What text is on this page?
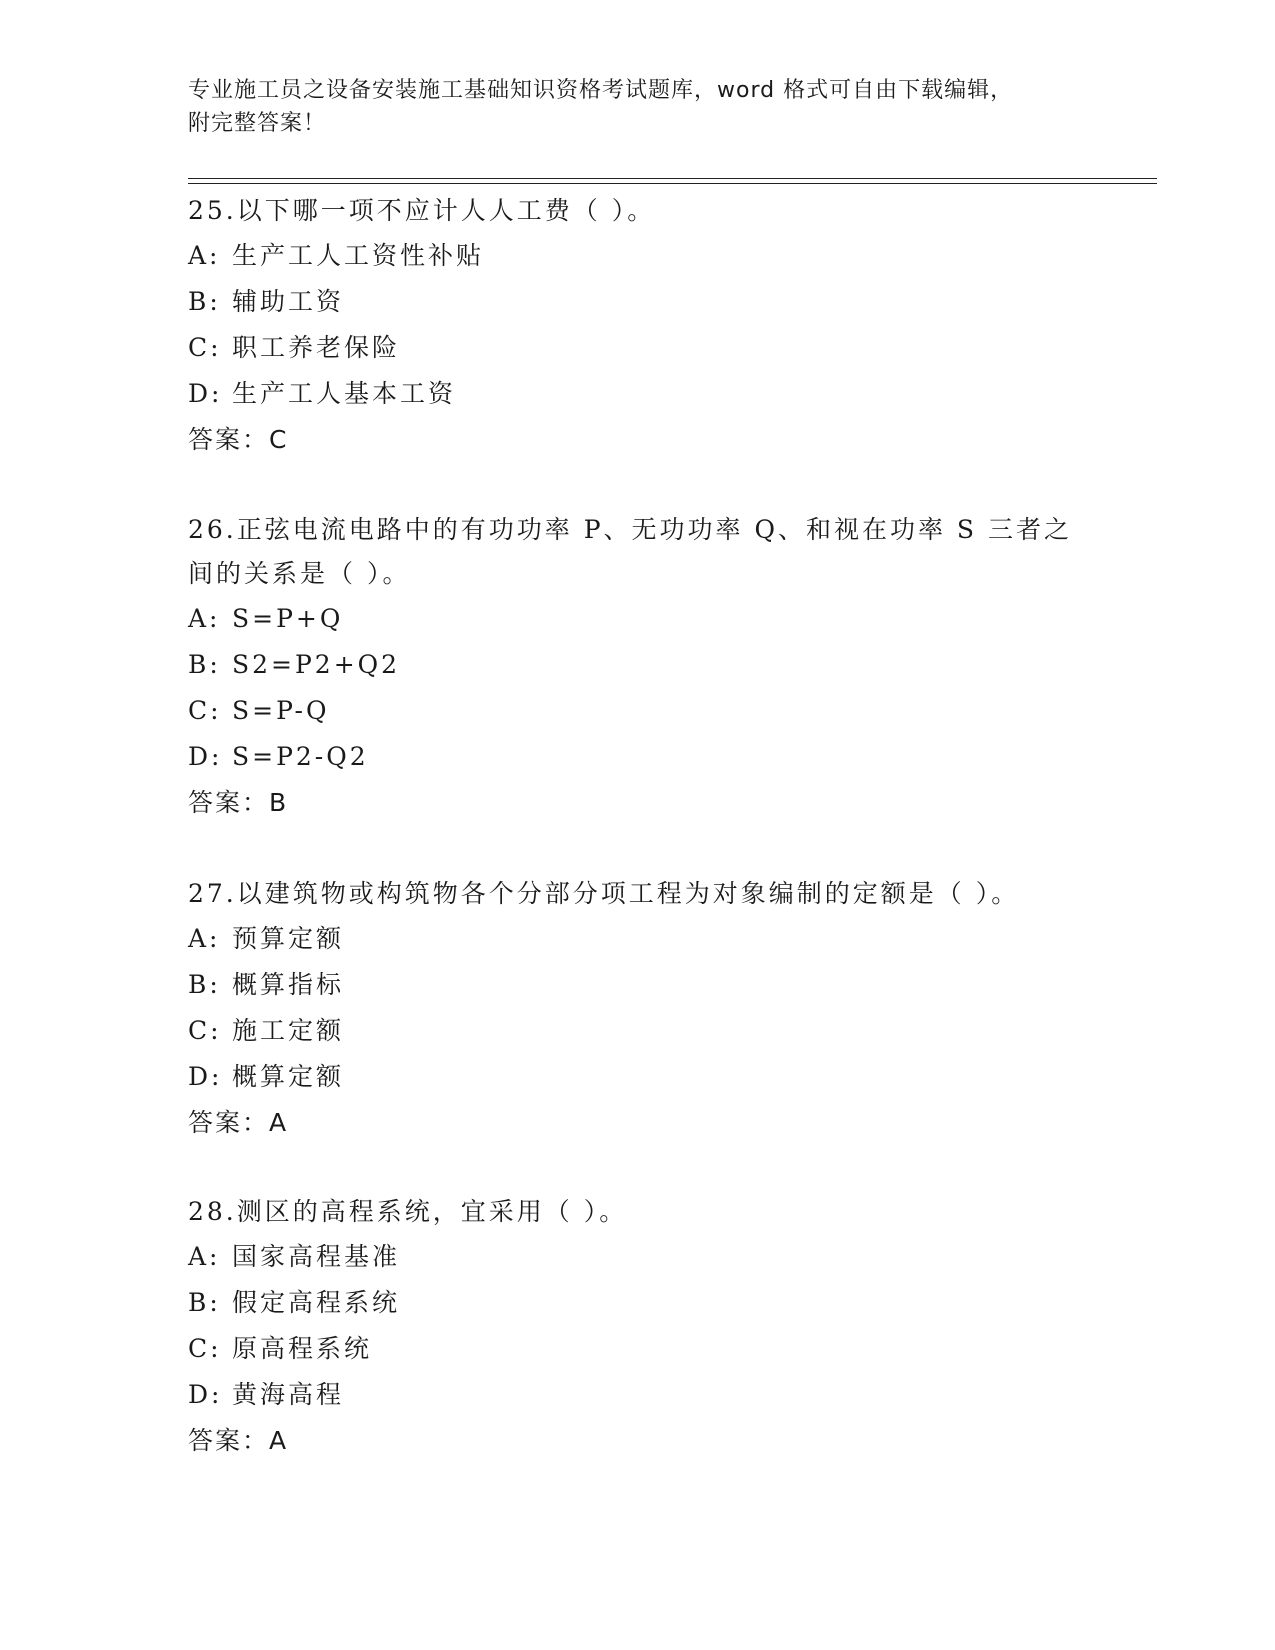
专业施工员之设备安装施工基础知识资格考试题库，word 格式可自由下载编辑，
附完整答案！
25.以下哪一项不应计人人工费（ ）。
A: 生产工人工资性补贴
B: 辅助工资
C: 职工养老保险
D: 生产工人基本工资
答案：C
26.正弦电流电路中的有功功率 P、无功功率 Q、和视在功率 S 三者之
间的关系是（ ）。
A: S=P+Q
B: S2=P2+Q2
C: S=P-Q
D: S=P2-Q2
答案：B
27.以建筑物或构筑物各个分部分项工程为对象编制的定额是（ ）。
A: 预算定额
B: 概算指标
C: 施工定额
D: 概算定额
答案：A
28.测区的高程系统，宜采用（ ）。
A: 国家高程基准
B: 假定高程系统
C: 原高程系统
D: 黄海高程
答案：A
